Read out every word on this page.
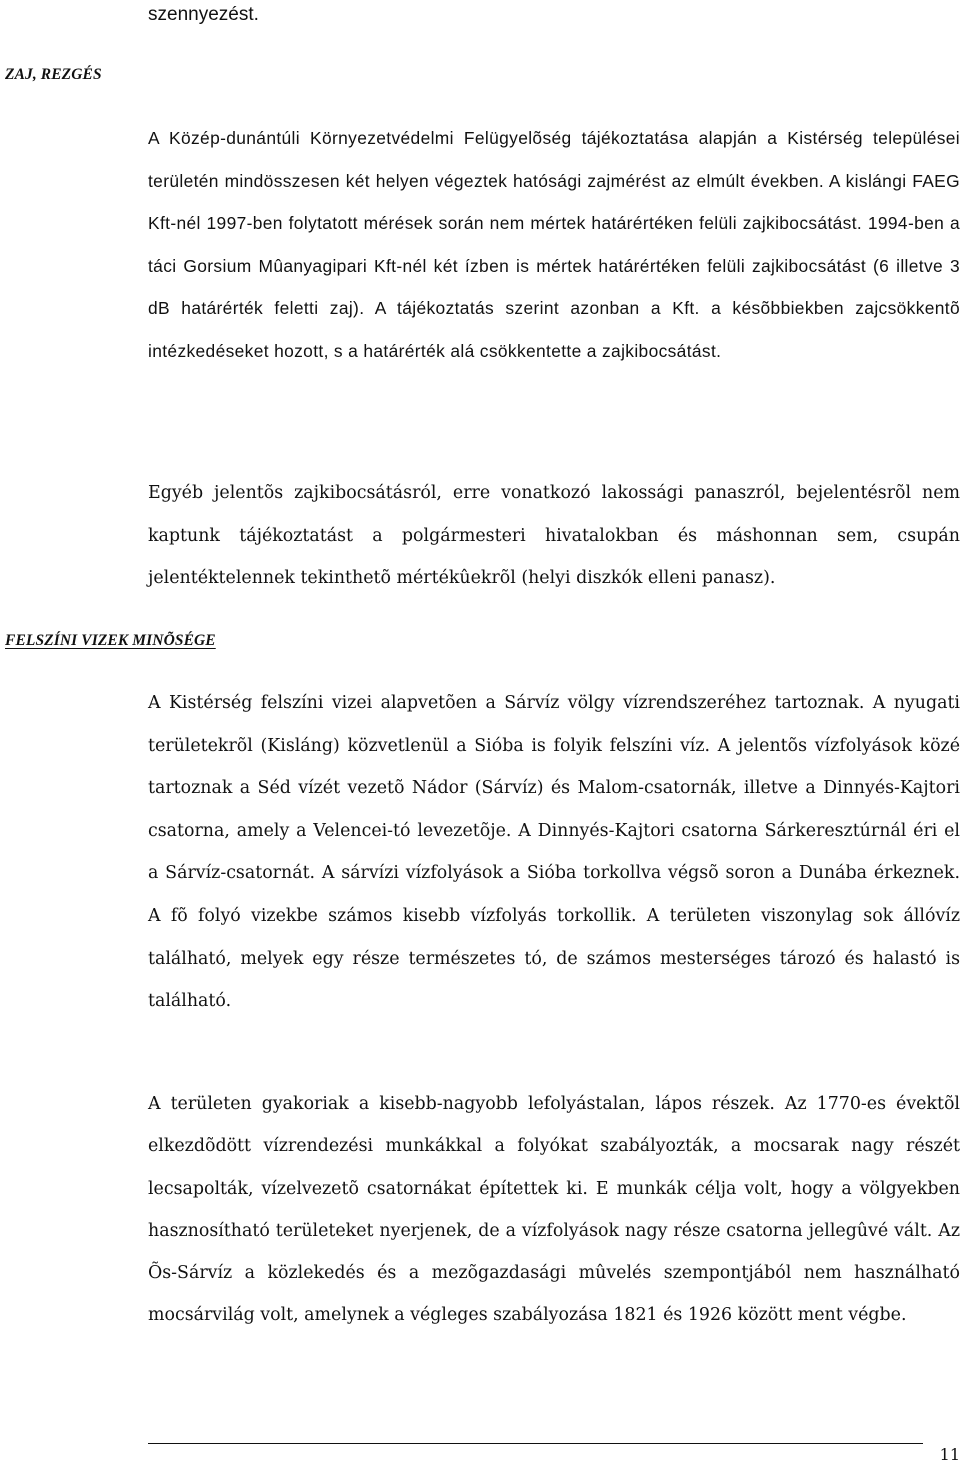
szennyezést.
ZAJ, REZGÉS

A Közép-dunántúli Környezetvédelmi Felügyelõség tájékoztatása alapján a Kistérség települései területén mindösszesen két helyen végeztek hatósági zajmérést az elmúlt években. A kislángi FAEG Kft-nél 1997-ben folytatott mérések során nem mértek határértéken felüli zajkibocsátást. 1994-ben a táci Gorsium Mûanyagipari Kft-nél két ízben is mértek határértéken felüli zajkibocsátást (6 illetve 3 dB határérték feletti zaj). A tájékoztatás szerint azonban a Kft. a késõbbiekben zajcsökkentõ intézkedéseket hozott, s a határérték alá csökkentette a zajkibocsátást.

Egyéb jelentõs zajkibocsátásról, erre vonatkozó lakossági panaszról, bejelentésrõl nem kaptunk tájékoztatást a polgármesteri hivatalokban és máshonnan sem, csupán jelentéktelennek tekinthetõ mértékûekrõl (helyi diszkók elleni panasz).

FELSZÍNI VIZEK MINÕSÉGE

A Kistérség felszíni vizei alapvetõen a Sárvíz völgy vízrendszeréhez tartoznak. A nyugati területekrõl (Kisláng) közvetlenül a Sióba is folyik felszíni víz. A jelentõs vízfolyások közé tartoznak a Séd vízét vezetõ Nádor (Sárvíz) és Malom-csatornák, illetve a Dinnyés-Kajtori csatorna, amely a Velencei-tó levezetõje. A Dinnyés-Kajtori csatorna Sárkeresztúrnál éri el a Sárvíz-csatornát. A sárvízi vízfolyások a Sióba torkollva végsõ soron a Dunába érkeznek. A fõ folyó vizekbe számos kisebb vízfolyás torkollik. A területen viszonylag sok állóvíz található, melyek egy része természetes tó, de számos mesterséges tározó és halastó is található.

A területen gyakoriak a kisebb-nagyobb lefolyástalan, lápos részek. Az 1770-es évektõl elkezdõdött vízrendezési munkákkal a folyókat szabályozták, a mocsarak nagy részét lecsapolták, vízelvezetõ csatornákat építettek ki. E munkák célja volt, hogy a völgyekben hasznosítható területeket nyerjenek, de a vízfolyások nagy része csatorna jellegûvé vált. Az Õs-Sárvíz a közlekedés és a mezõgazdasági mûvelés szempontjából nem használható mocsárvilág volt, amelynek a végleges szabályozása 1821 és 1926 között ment végbe.

11
